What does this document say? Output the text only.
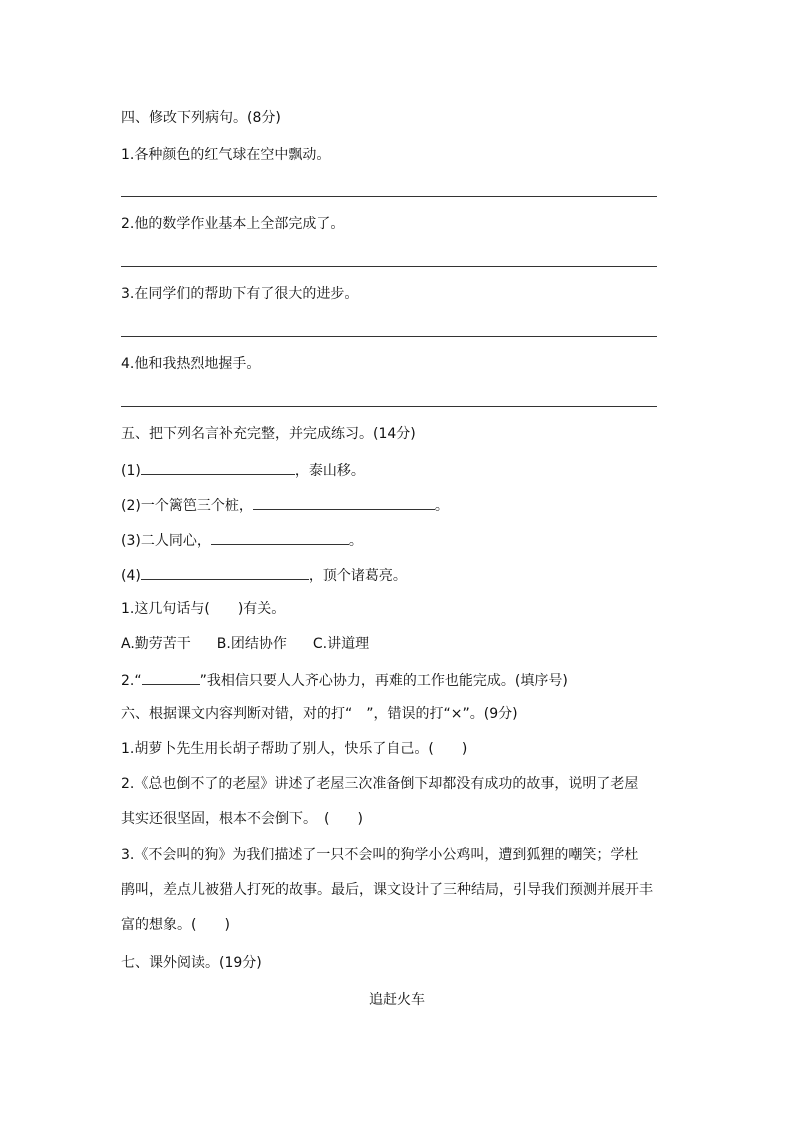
四、修改下列病句。(8分)
1.各种颜色的红气球在空中飘动。
2.他的数学作业基本上全部完成了。
3.在同学们的帮助下有了很大的进步。
4.他和我热烈地握手。
五、把下列名言补充完整，并完成练习。(14分)
(1)	，泰山移。
(2)一个篱笆三个桩，	。
(3)二人同心，	。
(4)	，顶个诸葛亮。
1.这几句话与(　　)有关。
A.勤劳苦干 B.团结协作 C.讲道理
2.“	”我相信只要人人齐心协力，再难的工作也能完成。(填序号)
六、根据课文内容判断对错，对的打“　”，错误的打“×”。(9分)
1.胡萝卜先生用长胡子帮助了别人，快乐了自己。(　　)
2.《总也倒不了的老屋》讲述了老屋三次准备倒下却都没有成功的故事，说明了老屋
其实还很坚固，根本不会倒下。　(　　)
3.《不会叫的狗》为我们描述了一只不会叫的狗学小公鸡叫，遭到狐狸的嘲笑；学杜
鹃叫，差点儿被猎人打死的故事。最后，课文设计了三种结局，引导我们预测并展开丰
富的想象。(　　)
七、课外阅读。(19分)
追赶火车
